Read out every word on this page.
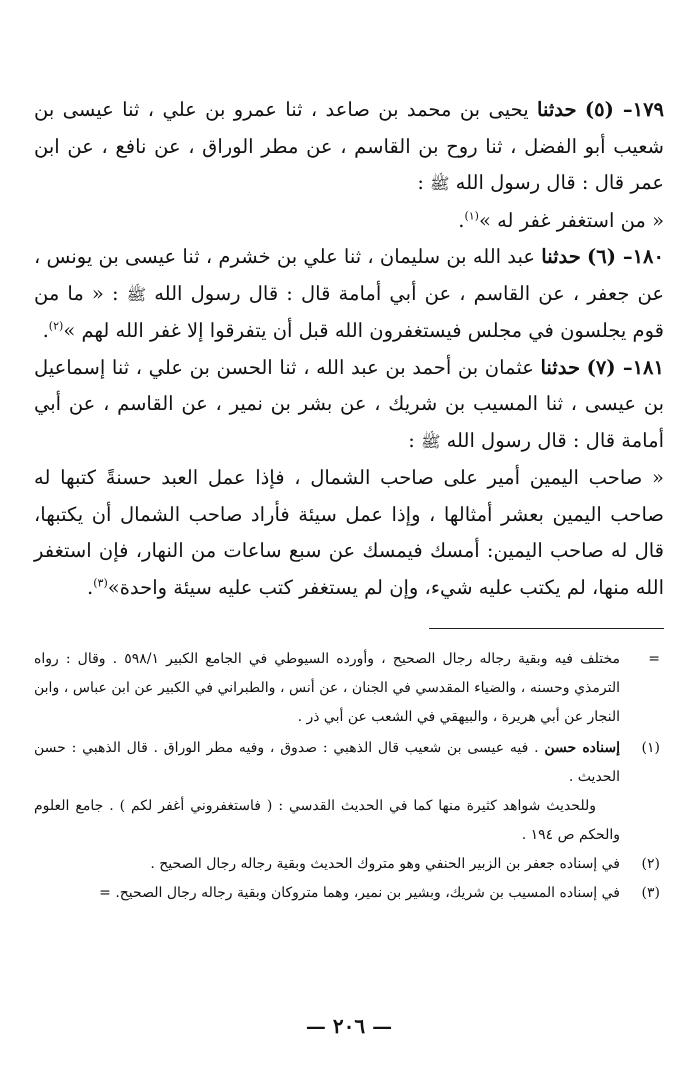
١٧٩– (٥) حدثنا يحيى بن محمد بن صاعد ، ثنا عمرو بن علي ، ثنا عيسى بن شعيب أبو الفضل ، ثنا روح بن القاسم ، عن مطر الوراق ، عن نافع ، عن ابن عمر قال : قال رسول الله ﷺ :
« من استغفر غفر له »$^{(١)}$.

١٨٠– (٦) حدثنا عبد الله بن سليمان ، ثنا علي بن خشرم ، ثنا عيسى بن يونس ، عن جعفر ، عن القاسم ، عن أبي أمامة قال : قال رسول الله ﷺ : « ما من قوم يجلسون في مجلس فيستغفرون الله قبل أن يتفرقوا إلا غفر الله لهم »$^{(٢)}$.

١٨١– (٧) حدثنا عثمان بن أحمد بن عبد الله ، ثنا الحسن بن علي ، ثنا إسماعيل بن عيسى ، ثنا المسيب بن شريك ، عن بشر بن نمير ، عن القاسم ، عن أبي أمامة قال : قال رسول الله ﷺ :
« صاحب اليمين أمير على صاحب الشمال ، فإذا عمل العبد حسنةً كتبها له صاحب اليمين بعشر أمثالها ، وإذا عمل سيئة فأراد صاحب الشمال أن يكتبها، قال له صاحب اليمين: أمسك فيمسك عن سبع ساعات من النهار، فإن استغفر الله منها، لم يكتب عليه شيء، وإن لم يستغفر كتب عليه سيئة واحدة»$^{(٣)}$.

=

مختلف فيه وبقية رجاله رجال الصحيح ، وأورده السيوطي في الجامع الكبير ٥٩٨/١ . وقال : رواه الترمذي وحسنه ، والضياء المقدسي في الجنان ، عن أنس ، والطبراني في الكبير عن ابن عباس ، وابن النجار عن أبي هريرة ، والبيهقي في الشعب عن أبي ذر .

(١)

إسناده حسن . فيه عيسى بن شعيب قال الذهبي : صدوق ، وفيه مطر الوراق . قال الذهبي : حسن الحديث .

وللحديث شواهد كثيرة منها كما في الحديث القدسي : ( فاستغفروني أغفر لكم ) . جامع العلوم والحكم ص ١٩٤ .

(٢)

في إسناده جعفر بن الزبير الحنفي وهو متروك الحديث وبقية رجاله رجال الصحيح .

(٣)

في إسناده المسيب بن شريك، وبشير بن نمير، وهما متروكان وبقية رجاله رجال الصحيح. =

— ٢٠٦ —
